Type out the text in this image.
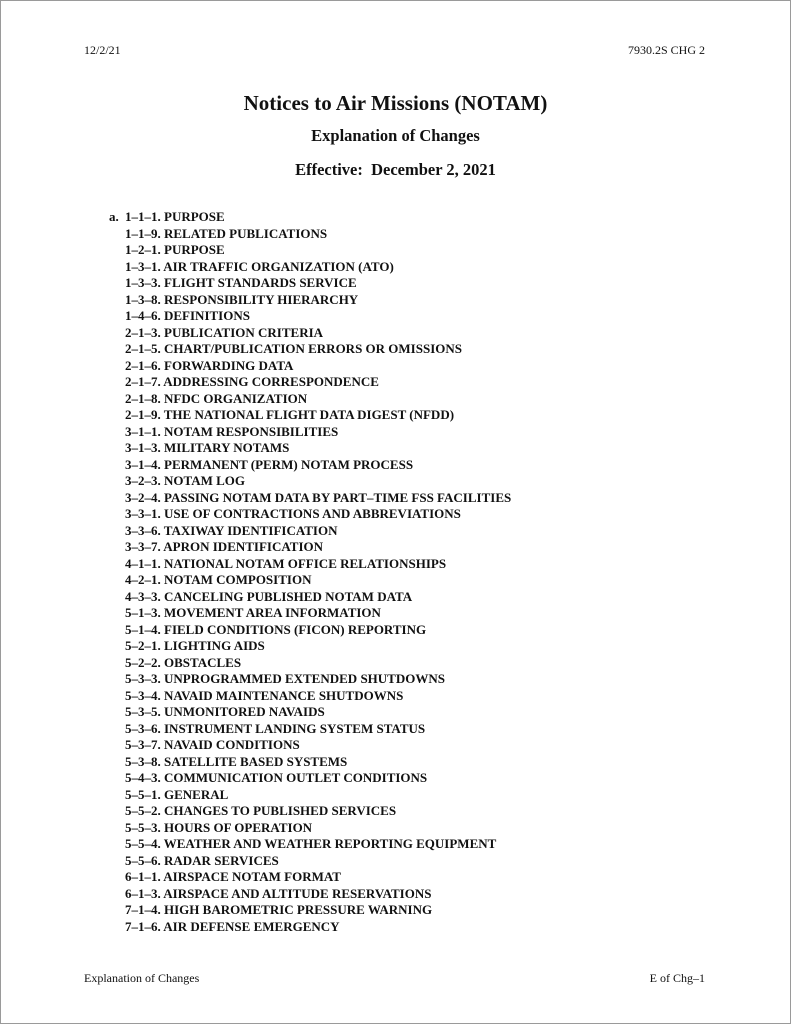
12/2/21	7930.2S CHG 2
Notices to Air Missions (NOTAM)
Explanation of Changes
Effective:  December 2, 2021
a. 1–1–1. PURPOSE
1–1–9. RELATED PUBLICATIONS
1–2–1. PURPOSE
1–3–1. AIR TRAFFIC ORGANIZATION (ATO)
1–3–3. FLIGHT STANDARDS SERVICE
1–3–8. RESPONSIBILITY HIERARCHY
1–4–6. DEFINITIONS
2–1–3. PUBLICATION CRITERIA
2–1–5. CHART/PUBLICATION ERRORS OR OMISSIONS
2–1–6. FORWARDING DATA
2–1–7. ADDRESSING CORRESPONDENCE
2–1–8. NFDC ORGANIZATION
2–1–9. THE NATIONAL FLIGHT DATA DIGEST (NFDD)
3–1–1. NOTAM RESPONSIBILITIES
3–1–3. MILITARY NOTAMS
3–1–4. PERMANENT (PERM) NOTAM PROCESS
3–2–3. NOTAM LOG
3–2–4. PASSING NOTAM DATA BY PART–TIME FSS FACILITIES
3–3–1. USE OF CONTRACTIONS AND ABBREVIATIONS
3–3–6. TAXIWAY IDENTIFICATION
3–3–7. APRON IDENTIFICATION
4–1–1. NATIONAL NOTAM OFFICE RELATIONSHIPS
4–2–1. NOTAM COMPOSITION
4–3–3. CANCELING PUBLISHED NOTAM DATA
5–1–3. MOVEMENT AREA INFORMATION
5–1–4. FIELD CONDITIONS (FICON) REPORTING
5–2–1. LIGHTING AIDS
5–2–2. OBSTACLES
5–3–3. UNPROGRAMMED EXTENDED SHUTDOWNS
5–3–4. NAVAID MAINTENANCE SHUTDOWNS
5–3–5. UNMONITORED NAVAIDS
5–3–6. INSTRUMENT LANDING SYSTEM STATUS
5–3–7. NAVAID CONDITIONS
5–3–8. SATELLITE BASED SYSTEMS
5–4–3. COMMUNICATION OUTLET CONDITIONS
5–5–1. GENERAL
5–5–2. CHANGES TO PUBLISHED SERVICES
5–5–3. HOURS OF OPERATION
5–5–4. WEATHER AND WEATHER REPORTING EQUIPMENT
5–5–6. RADAR SERVICES
6–1–1. AIRSPACE NOTAM FORMAT
6–1–3. AIRSPACE AND ALTITUDE RESERVATIONS
7–1–4. HIGH BAROMETRIC PRESSURE WARNING
7–1–6. AIR DEFENSE EMERGENCY
Explanation of Changes	E of Chg–1
